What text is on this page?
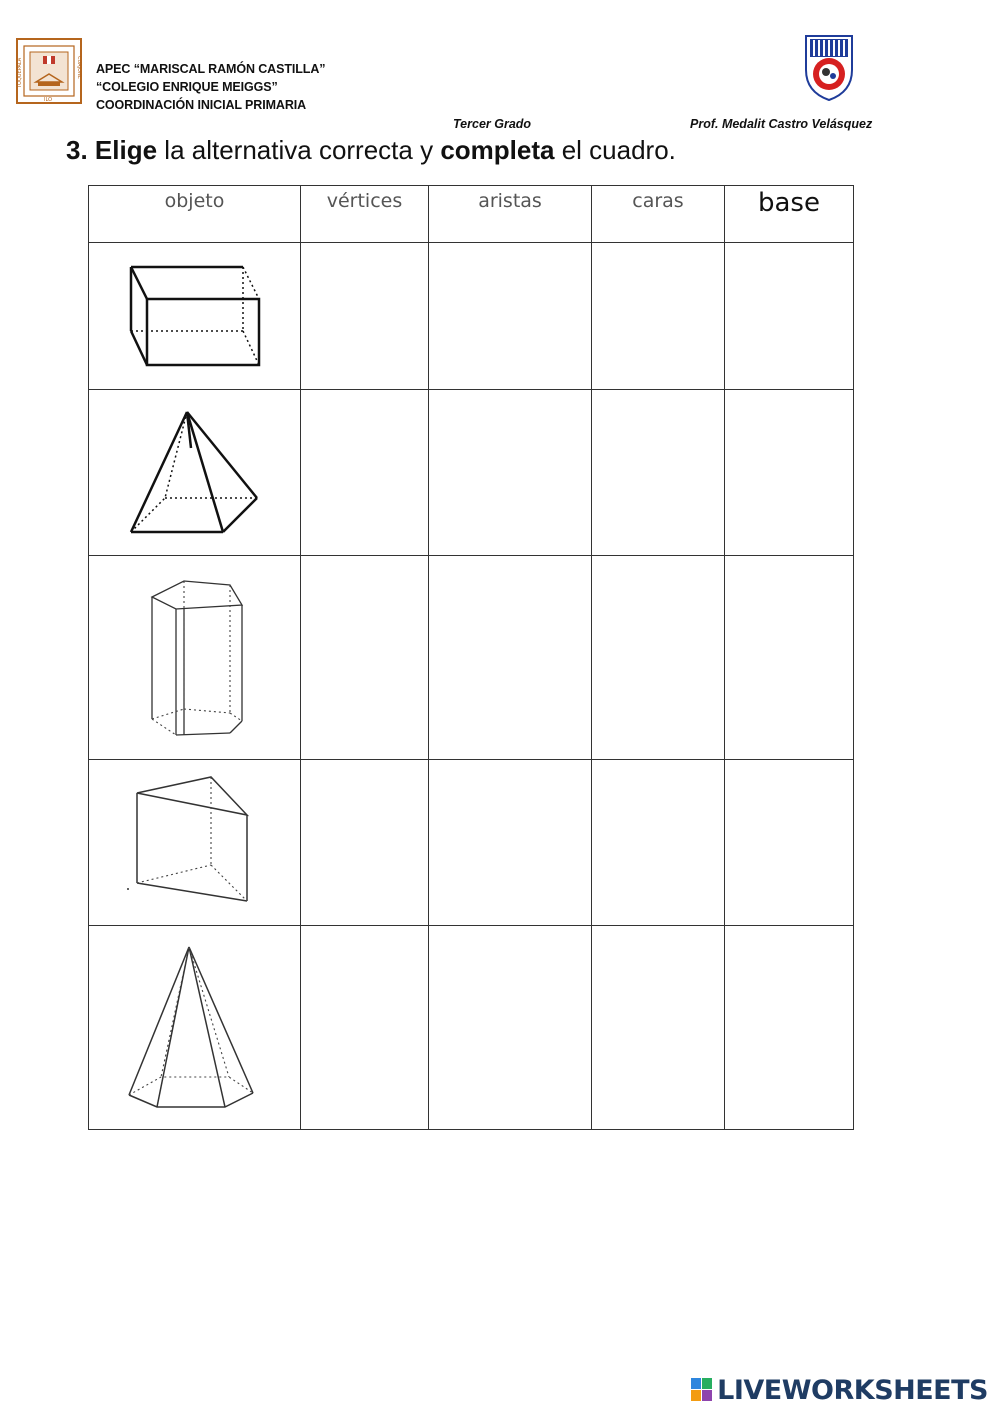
TOQUEPALA	CUAJONE
ILO
APEC “MARISCAL RAMÓN CASTILLA”
“COLEGIO ENRIQUE MEIGGS”
COORDINACIÓN INICIAL PRIMARIA
Tercer Grado	Prof. Medalit Castro Velásquez
3. Elige la alternativa correcta y completa el cuadro.
objeto	vértices	aristas	caras	base

LIVEWORKSHEETS
